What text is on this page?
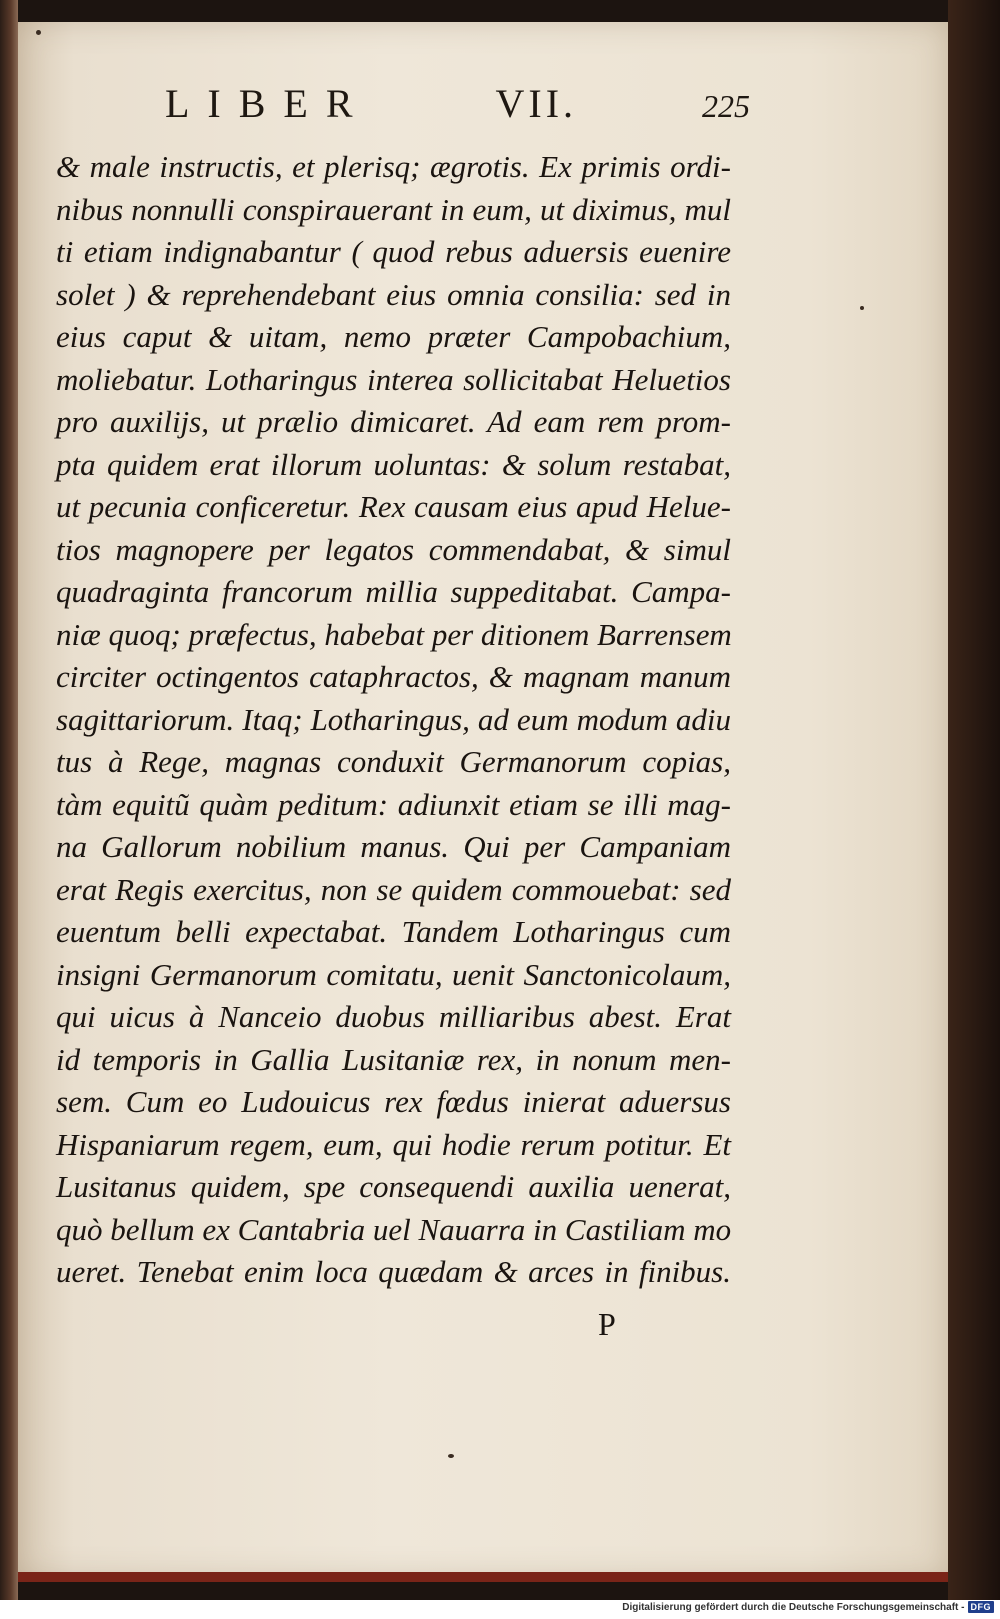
LIBER	VII.	225
& male instructis, et plerisq; ægrotis. Ex primis ordi-
nibus nonnulli conspirauerant in eum, ut diximus, mul
ti etiam indignabantur ( quod rebus aduersis euenire
solet ) & reprehendebant eius omnia consilia: sed in
eius caput & uitam, nemo præter Campobachium,
moliebatur. Lotharingus interea sollicitabat Heluetios
pro auxilijs, ut prælio dimicaret. Ad eam rem prom-
pta quidem erat illorum uoluntas: & solum restabat,
ut pecunia conficeretur. Rex causam eius apud Helue-
tios magnopere per legatos commendabat, & simul
quadraginta francorum millia suppeditabat. Campa-
niæ quoq; præfectus, habebat per ditionem Barrensem
circiter octingentos cataphractos, & magnam manum
sagittariorum. Itaq; Lotharingus, ad eum modum adiu
tus à Rege, magnas conduxit Germanorum copias,
tàm equitũ quàm peditum: adiunxit etiam se illi mag-
na Gallorum nobilium manus. Qui per Campaniam
erat Regis exercitus, non se quidem commouebat: sed
euentum belli expectabat. Tandem Lotharingus cum
insigni Germanorum comitatu, uenit Sanctonicolaum,
qui uicus à Nanceio duobus milliaribus abest. Erat
id temporis in Gallia Lusitaniæ rex, in nonum men-
sem. Cum eo Ludouicus rex fœdus inierat aduersus
Hispaniarum regem, eum, qui hodie rerum potitur. Et
Lusitanus quidem, spe consequendi auxilia uenerat,
quò bellum ex Cantabria uel Nauarra in Castiliam mo
ueret. Tenebat enim loca quædam & arces in finibus.
P
Digitalisierung gefördert durch die Deutsche Forschungsgemeinschaft - DFG
